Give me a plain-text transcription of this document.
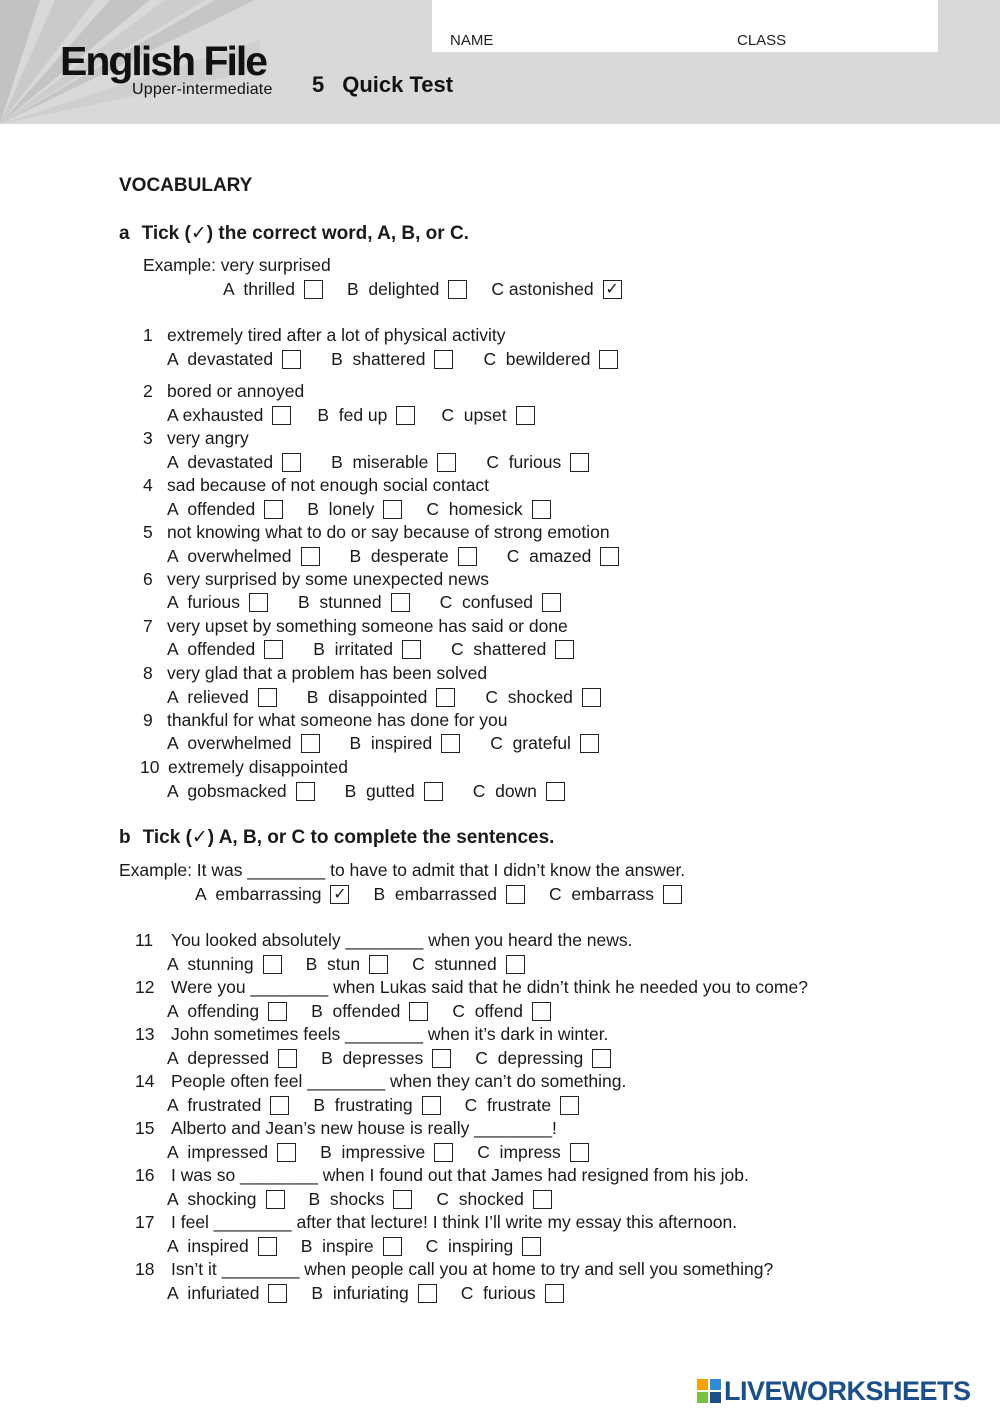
English File
Upper-intermediate 5 Quick Test
NAME	CLASS
VOCABULARY
a Tick (✓) the correct word, A, B, or C.
Example: very surprised
A  thrilled	B  delighted	C astonished ✓
1 extremely tired after a lot of physical activity
A  devastated	B  shattered	C  bewildered
2 bored or annoyed
A exhausted	B  fed up	C  upset
3 very angry
A  devastated	B  miserable	C  furious
4 sad because of not enough social contact
A  offended	B  lonely	C  homesick
5 not knowing what to do or say because of strong emotion
A  overwhelmed	B  desperate	C  amazed
6 very surprised by some unexpected news
A  furious	B  stunned	C  confused
7 very upset by something someone has said or done
A  offended	B  irritated	C  shattered
8 very glad that a problem has been solved
A  relieved	B  disappointed	C  shocked
9 thankful for what someone has done for you
A  overwhelmed	B  inspired	C  grateful
10 extremely disappointed
A  gobsmacked	B  gutted	C  down
b Tick (✓) A, B, or C to complete the sentences.
Example: It was ________ to have to admit that I didn’t know the answer.
A  embarrassing ✓ B  embarrassed	C  embarrass
11 You looked absolutely ________ when you heard the news.
A  stunning	B  stun	C  stunned
12 Were you ________ when Lukas said that he didn’t think he needed you to come?
A  offending	B  offended	C  offend
13 John sometimes feels ________ when it’s dark in winter.
A  depressed	B  depresses	C  depressing
14 People often feel ________ when they can’t do something.
A  frustrated	B  frustrating	C  frustrate
15 Alberto and Jean’s new house is really ________!
A  impressed	B  impressive	C  impress
16 I was so ________ when I found out that James had resigned from his job.
A  shocking	B  shocks	C  shocked
17 I feel ________ after that lecture! I think I’ll write my essay this afternoon.
A  inspired	B  inspire	C  inspiring
18 Isn’t it ________ when people call you at home to try and sell you something?
A  infuriated	B  infuriating	C  furious
LIVEWORKSHEETS
